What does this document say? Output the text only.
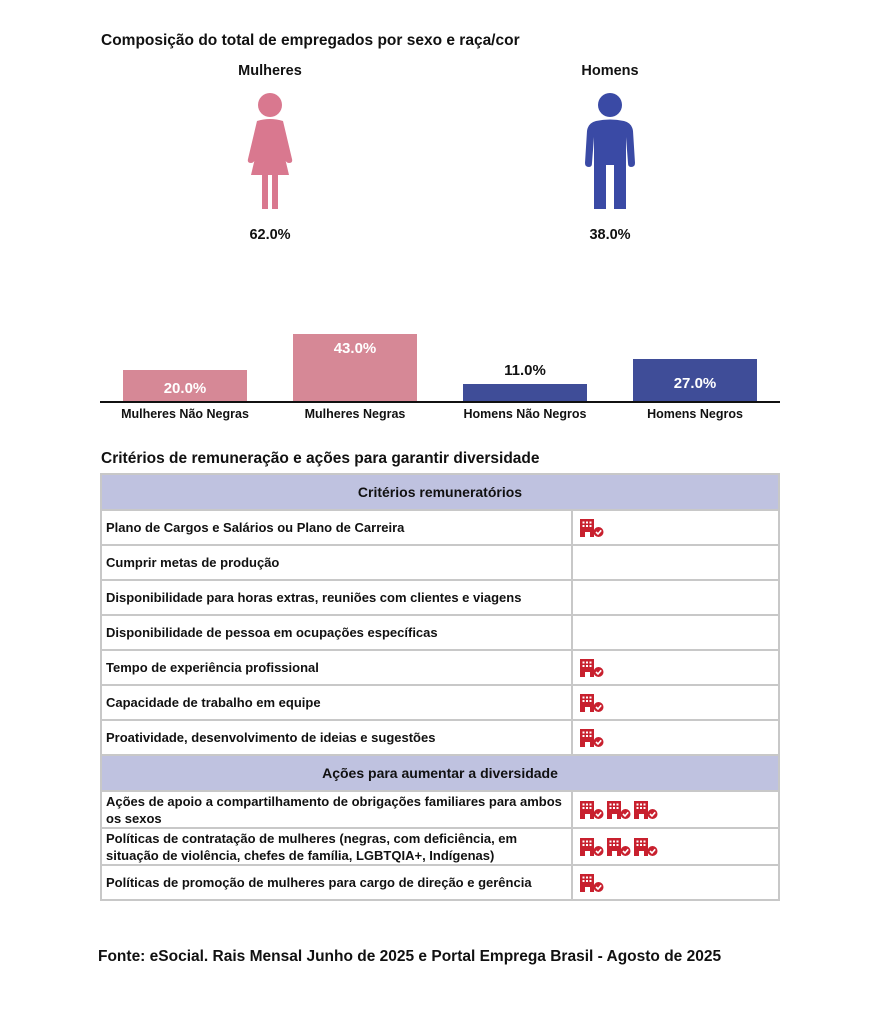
Composição do total de empregados por sexo e raça/cor
Mulheres
62.0%
Homens
38.0%
20.0%
Mulheres Não Negras
43.0%
Mulheres Negras
11.0%
Homens Não Negros
27.0%
Homens Negros
Critérios de remuneração e ações para garantir diversidade
Critérios remuneratórios	
Plano de Cargos e Salários ou Plano de Carreira	
Cumprir metas de produção	
Disponibilidade para horas extras, reuniões com clientes e viagens	
Disponibilidade de pessoa em ocupações específicas	
Tempo de experiência profissional	
Capacidade de trabalho em equipe	
Proatividade, desenvolvimento de ideias e sugestões	
Ações para aumentar a diversidade	
Ações de apoio a compartilhamento de obrigações familiares para ambos os sexos	
Políticas de contratação de mulheres (negras, com deficiência, em situação de violência, chefes de família, LGBTQIA+, Indígenas)	
Políticas de promoção de mulheres para cargo de direção e gerência	
Fonte: eSocial. Rais Mensal Junho de 2025 e Portal Emprega Brasil - Agosto de 2025
